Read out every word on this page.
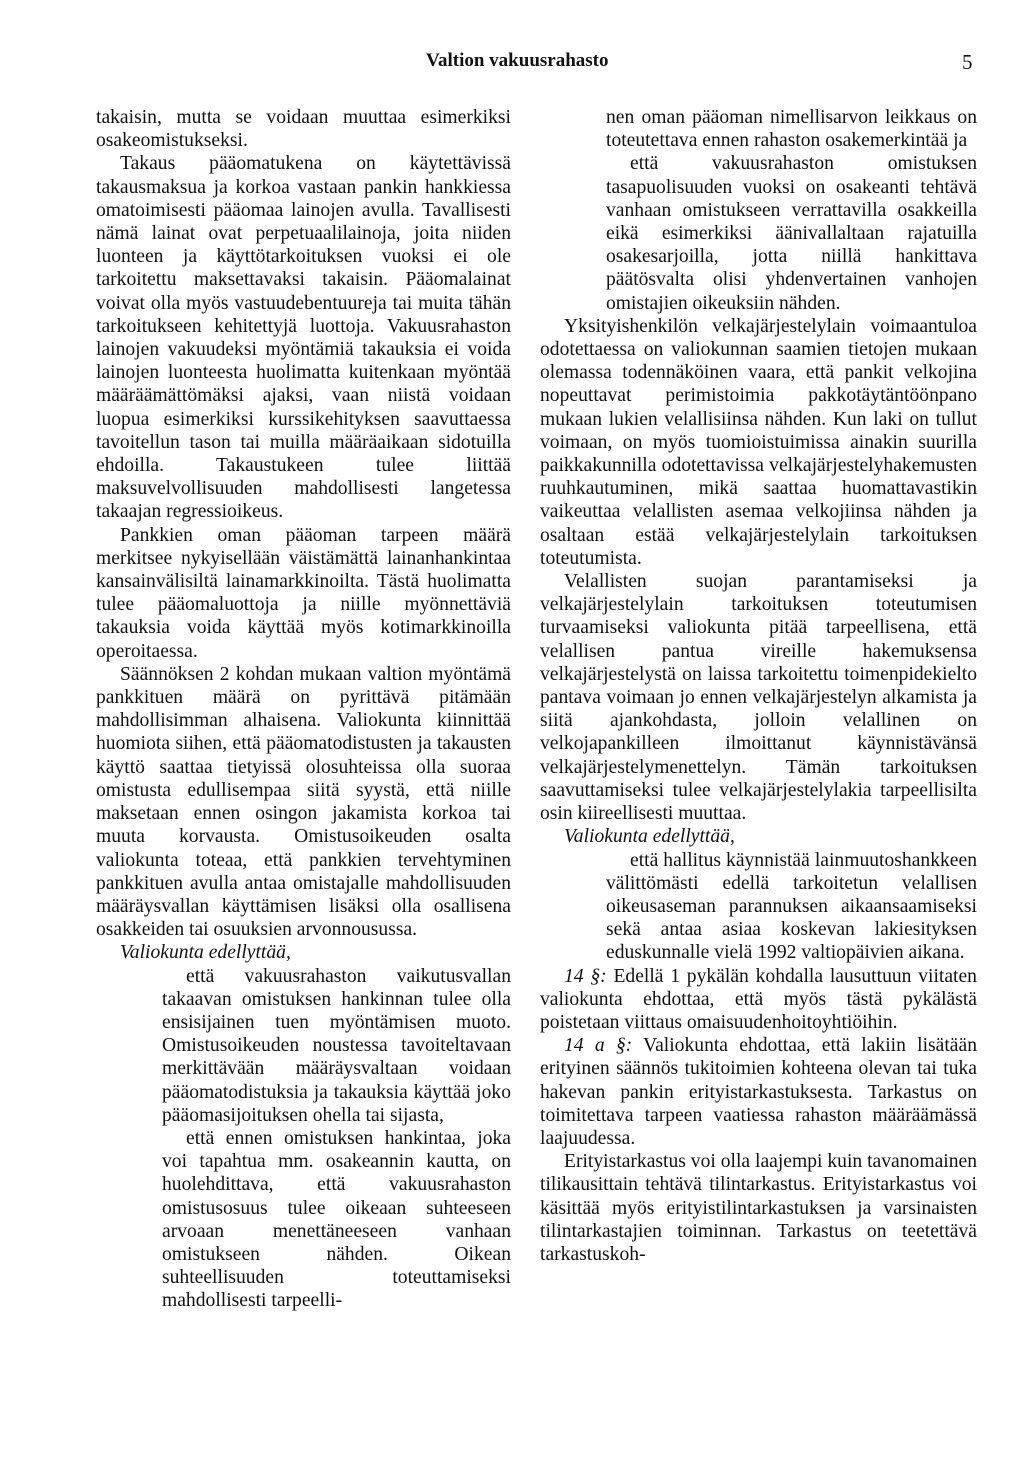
Valtion vakuusrahasto	5

takaisin, mutta se voidaan muuttaa esimerkiksi osakeomistukseksi.

Takaus pääomatukena on käytettävissä takausmaksua ja korkoa vastaan pankin hankkiessa omatoimisesti pääomaa lainojen avulla. Tavallisesti nämä lainat ovat perpetuaalilainoja, joita niiden luonteen ja käyttötarkoituksen vuoksi ei ole tarkoitettu maksettavaksi takaisin. Pääomalainat voivat olla myös vastuudebentuureja tai muita tähän tarkoitukseen kehitettyjä luottoja. Vakuusrahaston lainojen vakuudeksi myöntämiä takauksia ei voida lainojen luonteesta huolimatta kuitenkaan myöntää määräämättömäksi ajaksi, vaan niistä voidaan luopua esimerkiksi kurssikehityksen saavuttaessa tavoitellun tason tai muilla määräaikaan sidotuilla ehdoilla. Takaustukeen tulee liittää maksuvelvollisuuden mahdollisesti langetessa takaajan regressioikeus.

Pankkien oman pääoman tarpeen määrä merkitsee nykyisellään väistämättä lainanhankintaa kansainvälisiltä lainamarkkinoilta. Tästä huolimatta tulee pääomaluottoja ja niille myönnettäviä takauksia voida käyttää myös kotimarkkinoilla operoitaessa.

Säännöksen 2 kohdan mukaan valtion myöntämä pankkituen määrä on pyrittävä pitämään mahdollisimman alhaisena. Valiokunta kiinnittää huomiota siihen, että pääomatodistusten ja takausten käyttö saattaa tietyissä olosuhteissa olla suoraa omistusta edullisempaa siitä syystä, että niille maksetaan ennen osingon jakamista korkoa tai muuta korvausta. Omistusoikeuden osalta valiokunta toteaa, että pankkien tervehtyminen pankkituen avulla antaa omistajalle mahdollisuuden määräysvallan käyttämisen lisäksi olla osallisena osakkeiden tai osuuksien arvonnousussa.

Valiokunta edellyttää,

että vakuusrahaston vaikutusvallan takaavan omistuksen hankinnan tulee olla ensisijainen tuen myöntämisen muoto. Omistusoikeuden noustessa tavoiteltavaan merkittävään määräysvaltaan voidaan pääomatodistuksia ja takauksia käyttää joko pääomasijoituksen ohella tai sijasta,

että ennen omistuksen hankintaa, joka voi tapahtua mm. osakeannin kautta, on huolehdittava, että vakuusrahaston omistusosuus tulee oikeaan suhteeseen arvoaan menettäneeseen vanhaan omistukseen nähden. Oikean suhteellisuuden toteuttamiseksi mahdollisesti tarpeelli-

nen oman pääoman nimellisarvon leikkaus on toteutettava ennen rahaston osakemerkintää ja

että vakuusrahaston omistuksen tasapuolisuuden vuoksi on osakeanti tehtävä vanhaan omistukseen verrattavilla osakkeilla eikä esimerkiksi äänivallaltaan rajatuilla osakesarjoilla, jotta niillä hankittava päätösvalta olisi yhdenvertainen vanhojen omistajien oikeuksiin nähden.

Yksityishenkilön velkajärjestelylain voimaantuloa odotettaessa on valiokunnan saamien tietojen mukaan olemassa todennäköinen vaara, että pankit velkojina nopeuttavat perimistoimia pakkotäytäntöönpano mukaan lukien velallisiinsa nähden. Kun laki on tullut voimaan, on myös tuomioistuimissa ainakin suurilla paikkakunnilla odotettavissa velkajärjestelyhakemusten ruuhkautuminen, mikä saattaa huomattavastikin vaikeuttaa velallisten asemaa velkojiinsa nähden ja osaltaan estää velkajärjestelylain tarkoituksen toteutumista.

Velallisten suojan parantamiseksi ja velkajärjestelylain tarkoituksen toteutumisen turvaamiseksi valiokunta pitää tarpeellisena, että velallisen pantua vireille hakemuksensa velkajärjestelystä on laissa tarkoitettu toimenpidekielto pantava voimaan jo ennen velkajärjestelyn alkamista ja siitä ajankohdasta, jolloin velallinen on velkojapankilleen ilmoittanut käynnistävänsä velkajärjestelymenettelyn. Tämän tarkoituksen saavuttamiseksi tulee velkajärjestelylakia tarpeellisilta osin kiireellisesti muuttaa.

Valiokunta edellyttää,

että hallitus käynnistää lainmuutoshankkeen välittömästi edellä tarkoitetun velallisen oikeusaseman parannuksen aikaansaamiseksi sekä antaa asiaa koskevan lakiesityksen eduskunnalle vielä 1992 valtiopäivien aikana.

14 §: Edellä 1 pykälän kohdalla lausuttuun viitaten valiokunta ehdottaa, että myös tästä pykälästä poistetaan viittaus omaisuudenhoitoyhtiöihin.

14 a §: Valiokunta ehdottaa, että lakiin lisätään erityinen säännös tukitoimien kohteena olevan tai tuka hakevan pankin erityistarkastuksesta. Tarkastus on toimitettava tarpeen vaatiessa rahaston määräämässä laajuudessa.

Erityistarkastus voi olla laajempi kuin tavanomainen tilikausittain tehtävä tilintarkastus. Erityistarkastus voi käsittää myös erityistilintarkastuksen ja varsinaisten tilintarkastajien toiminnan. Tarkastus on teetettävä tarkastuskoh-
